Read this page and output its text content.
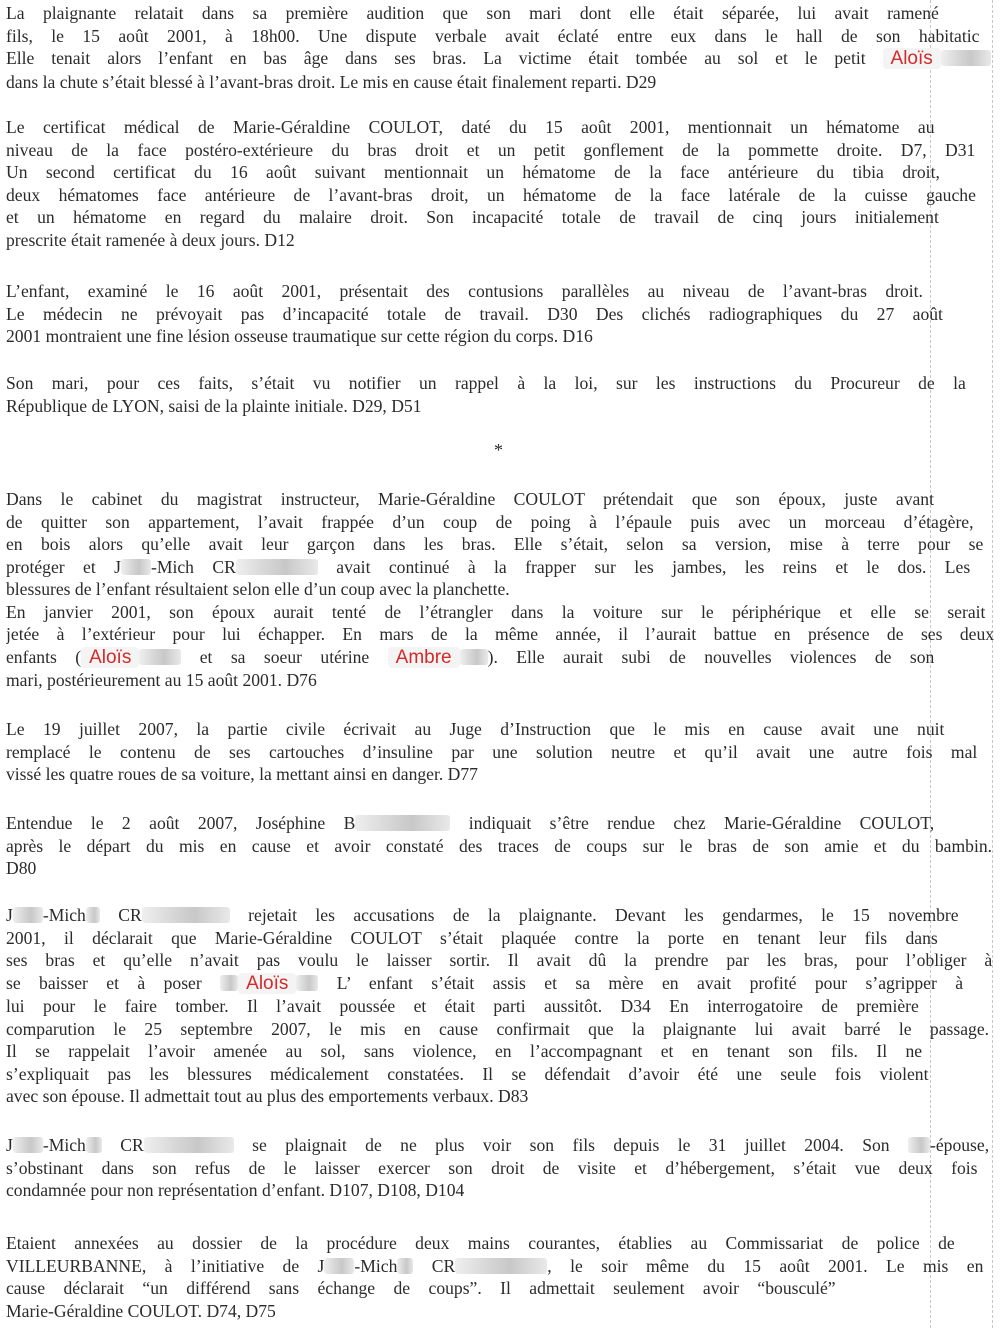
La plaignante relatait dans sa première audition que son mari dont elle était séparée, lui avait ramené
fils, le 15 août 2001, à 18h00. Une dispute verbale avait éclaté entre eux dans le hall de son habitatic
Elle tenait alors l’enfant en bas âge dans ses bras. La victime était tombée au sol et le petit Aloïs
dans la chute s’était blessé à l’avant-bras droit. Le mis en cause était finalement reparti. D29
Le certificat médical de Marie-Géraldine COULOT, daté du 15 août 2001, mentionnait un hématome au
niveau de la face postéro-extérieure du bras droit et un petit gonflement de la pommette droite. D7, D31
Un second certificat du 16 août suivant mentionnait un hématome de la face antérieure du tibia droit,
deux hématomes face antérieure de l’avant-bras droit, un hématome de la face latérale de la cuisse gauche
et un hématome en regard du malaire droit. Son incapacité totale de travail de cinq jours initialement
prescrite était ramenée à deux jours. D12
L’enfant, examiné le 16 août 2001, présentait des contusions parallèles au niveau de l’avant-bras droit.
Le médecin ne prévoyait pas d’incapacité totale de travail. D30 Des clichés radiographiques du 27 août
2001 montraient une fine lésion osseuse traumatique sur cette région du corps. D16
Son mari, pour ces faits, s’était vu notifier un rappel à la loi, sur les instructions du Procureur de la
République de LYON, saisi de la plainte initiale. D29, D51
*
Dans le cabinet du magistrat instructeur, Marie-Géraldine COULOT prétendait que son époux, juste avant
de quitter son appartement, l’avait frappée d’un coup de poing à l’épaule puis avec un morceau d’étagère,
en bois alors qu’elle avait leur garçon dans les bras. Elle s’était, selon sa version, mise à terre pour se
protéger et J -Mich CR	avait continué à la frapper sur les jambes, les reins et le dos. Les
blessures de l’enfant résultaient selon elle d’un coup avec la planchette.
En janvier 2001, son époux aurait tenté de l’étrangler dans la voiture sur le périphérique et elle se serait
jetée à l’extérieur pour lui échapper. En mars de la même année, il l’aurait battue en présence de ses deux
enfants ( Aloïs	et sa soeur utérine Ambre ). Elle aurait subi de nouvelles violences de son
mari, postérieurement au 15 août 2001. D76
Le 19 juillet 2007, la partie civile écrivait au Juge d’Instruction que le mis en cause avait une nuit
remplacé le contenu de ses cartouches d’insuline par une solution neutre et qu’il avait une autre fois mal
vissé les quatre roues de sa voiture, la mettant ainsi en danger. D77
Entendue le 2 août 2007, Joséphine B	indiquait s’être rendue chez Marie-Géraldine COULOT,
après le départ du mis en cause et avoir constaté des traces de coups sur le bras de son amie et du bambin.
D80
J -Mich CR	rejetait les accusations de la plaignante. Devant les gendarmes, le 15 novembre
2001, il déclarait que Marie-Géraldine COULOT s’était plaquée contre la porte en tenant leur fils dans
ses bras et qu’elle n’avait pas voulu le laisser sortir. Il avait dû la prendre par les bras, pour l’obliger à
se baisser et à poser Aloïs	L’ enfant s’était assis et sa mère en avait profité pour s’agripper à
lui pour le faire tomber. Il l’avait poussée et était parti aussitôt. D34 En interrogatoire de première
comparution le 25 septembre 2007, le mis en cause confirmait que la plaignante lui avait barré le passage.
Il se rappelait l’avoir amenée au sol, sans violence, en l’accompagnant et en tenant son fils. Il ne
s’expliquait pas les blessures médicalement constatées. Il se défendait d’avoir été une seule fois violent
avec son épouse. Il admettait tout au plus des emportements verbaux. D83
J -Mich CR	se plaignait de ne plus voir son fils depuis le 31 juillet 2004. Son -épouse,
s’obstinant dans son refus de le laisser exercer son droit de visite et d’hébergement, s’était vue deux fois
condamnée pour non représentation d’enfant. D107, D108, D104
Etaient annexées au dossier de la procédure deux mains courantes, établies au Commissariat de police de
VILLEURBANNE, à l’initiative de J -Mich CR	, le soir même du 15 août 2001. Le mis en
cause déclarait “un différend sans échange de coups”. Il admettait seulement avoir “bousculé”
Marie-Géraldine COULOT. D74, D75
